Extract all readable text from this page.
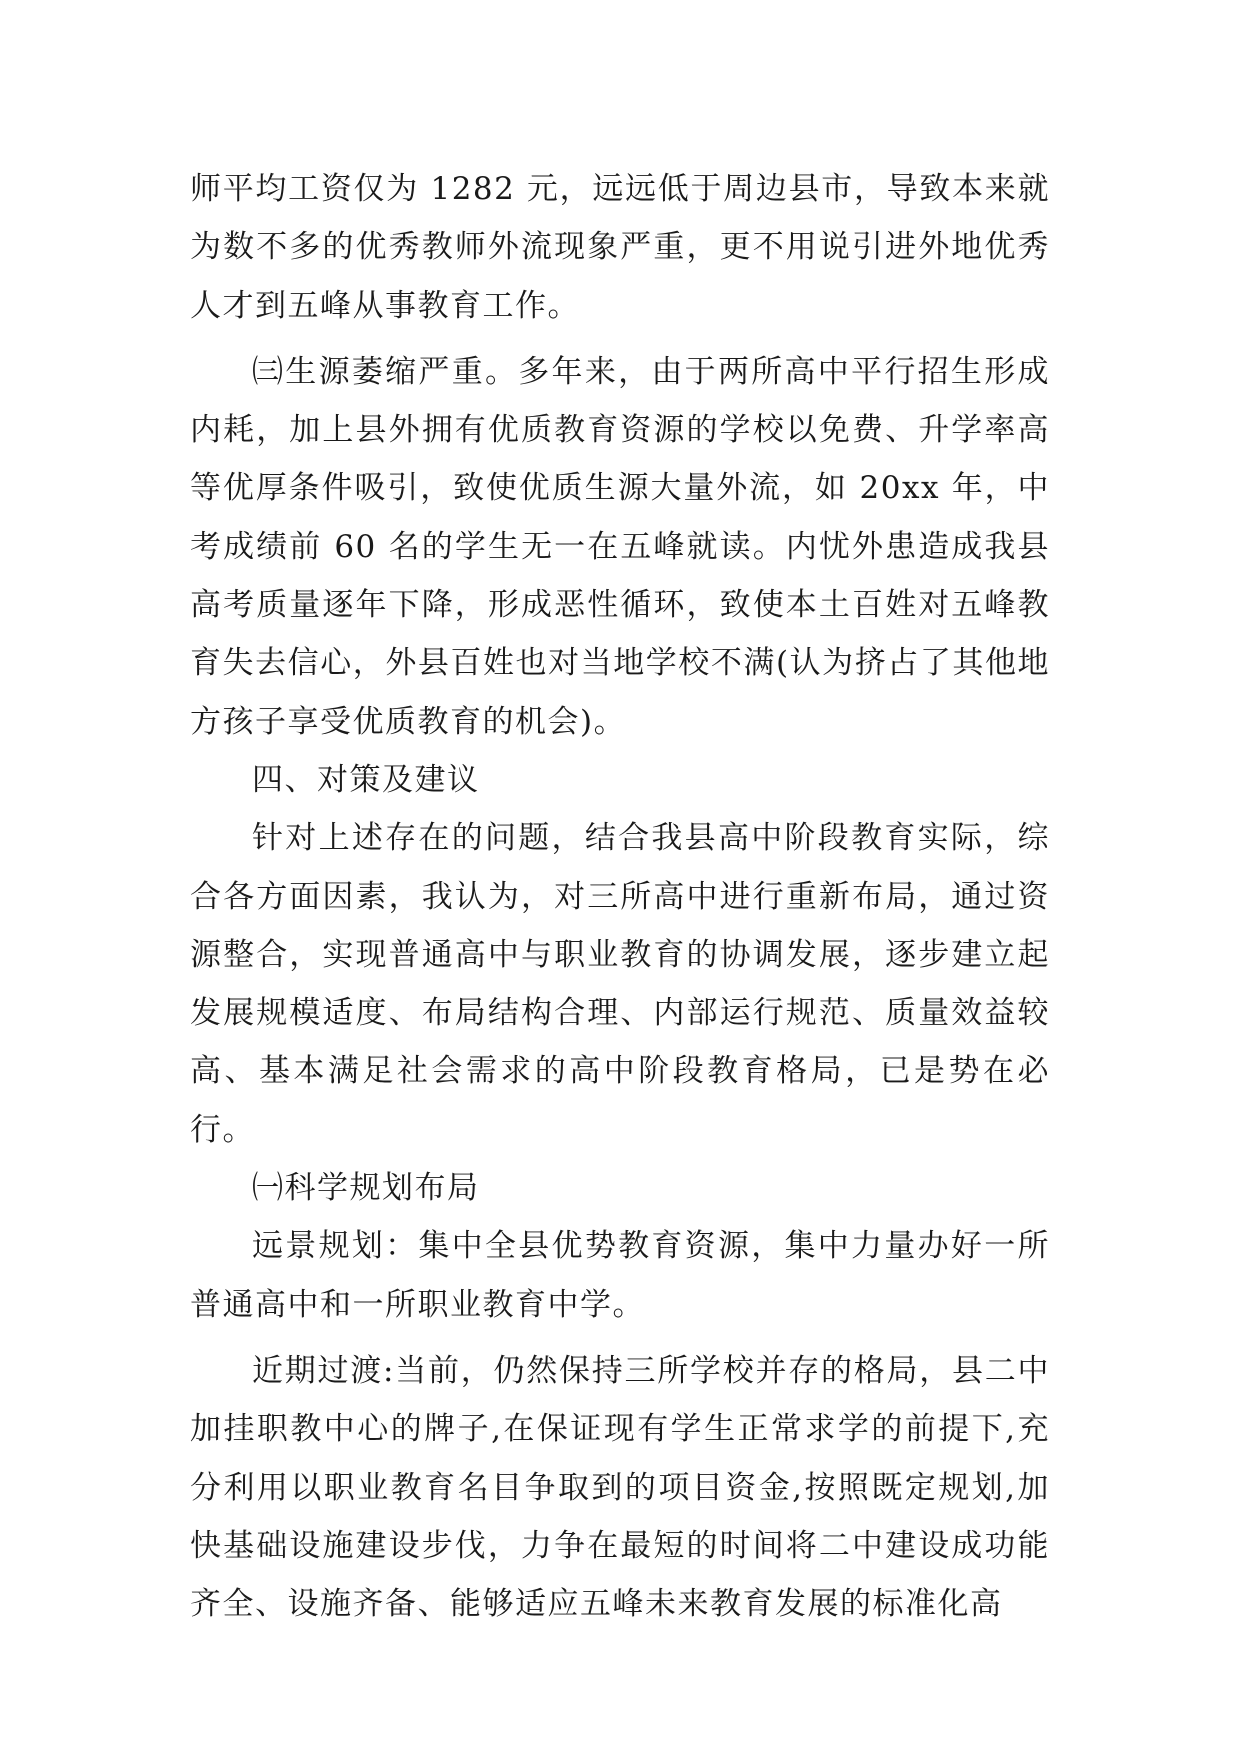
师平均工资仅为 1282 元，远远低于周边县市，导致本来就为数不多的优秀教师外流现象严重，更不用说引进外地优秀人才到五峰从事教育工作。

㈢生源萎缩严重。多年来，由于两所高中平行招生形成内耗，加上县外拥有优质教育资源的学校以免费、升学率高等优厚条件吸引，致使优质生源大量外流，如 20xx 年，中考成绩前 60 名的学生无一在五峰就读。内忧外患造成我县高考质量逐年下降，形成恶性循环，致使本土百姓对五峰教育失去信心，外县百姓也对当地学校不满(认为挤占了其他地方孩子享受优质教育的机会)。

四、对策及建议

针对上述存在的问题，结合我县高中阶段教育实际，综合各方面因素，我认为，对三所高中进行重新布局，通过资源整合，实现普通高中与职业教育的协调发展，逐步建立起发展规模适度、布局结构合理、内部运行规范、质量效益较高、基本满足社会需求的高中阶段教育格局，已是势在必行。

㈠科学规划布局

远景规划：集中全县优势教育资源，集中力量办好一所普通高中和一所职业教育中学。

近期过渡:当前，仍然保持三所学校并存的格局，县二中加挂职教中心的牌子,在保证现有学生正常求学的前提下,充分利用以职业教育名目争取到的项目资金,按照既定规划,加快基础设施建设步伐，力争在最短的时间将二中建设成功能齐全、设施齐备、能够适应五峰未来教育发展的标准化高
